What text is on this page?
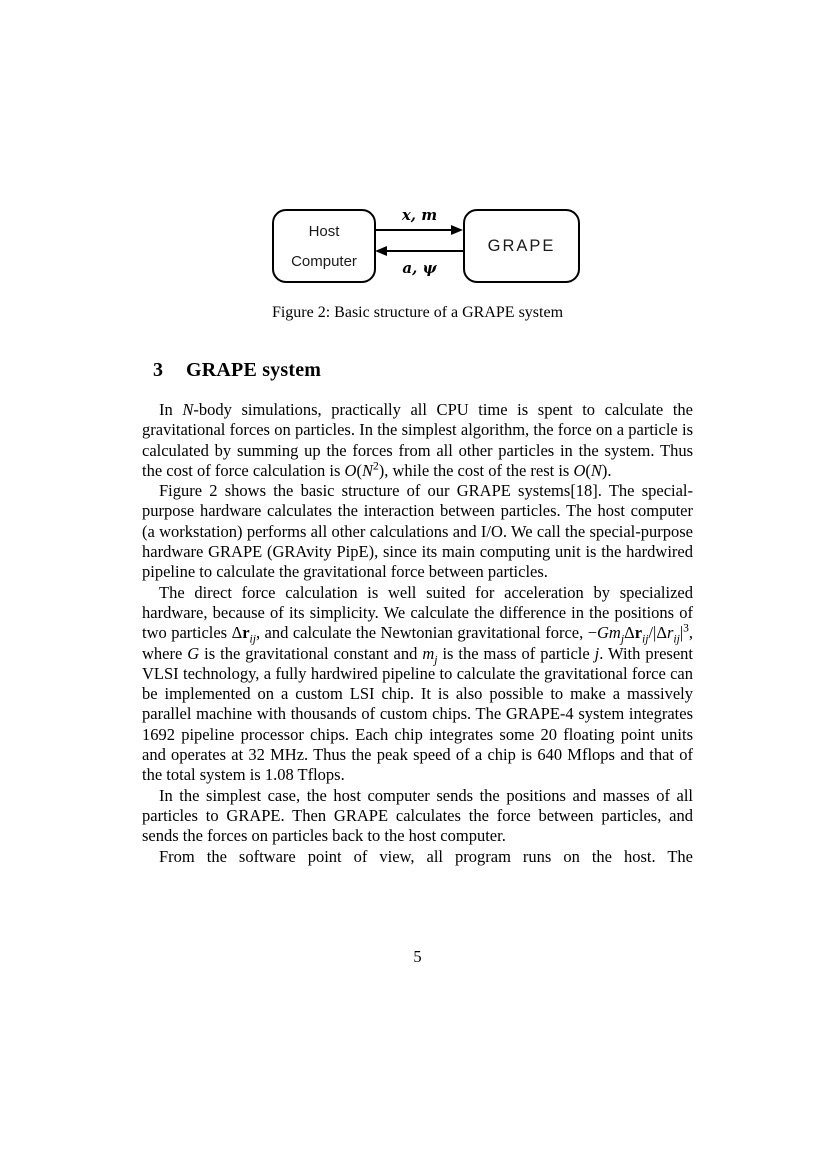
Host
Computer
GRAPE
x, m
a, ψ
Figure 2: Basic structure of a GRAPE system
3 GRAPE system

In N-body simulations, practically all CPU time is spent to calculate the gravitational forces on particles. In the simplest algorithm, the force on a particle is calculated by summing up the forces from all other particles in the system. Thus the cost of force calculation is $O(N^2)$, while the cost of the rest is O(N).

Figure 2 shows the basic structure of our GRAPE systems[18]. The special-purpose hardware calculates the interaction between particles. The host computer (a workstation) performs all other calculations and I/O. We call the special-purpose hardware GRAPE (GRAvity PipE), since its main computing unit is the hardwired pipeline to calculate the gravitational force between particles.

The direct force calculation is well suited for acceleration by specialized hardware, because of its simplicity. We calculate the difference in the positions of two particles $\Delta r_{ij}$, and calculate the Newtonian gravitational force, $-Gm_j\Delta r_{ij}/|\Delta r_{ij}|^3$, where G is the gravitational constant and $m_j$ is the mass of particle j. With present VLSI technology, a fully hardwired pipeline to calculate the gravitational force can be implemented on a custom LSI chip. It is also possible to make a massively parallel machine with thousands of custom chips. The GRAPE-4 system integrates 1692 pipeline processor chips. Each chip integrates some 20 floating point units and operates at 32 MHz. Thus the peak speed of a chip is 640 Mflops and that of the total system is 1.08 Tflops.

In the simplest case, the host computer sends the positions and masses of all particles to GRAPE. Then GRAPE calculates the force between particles, and sends the forces on particles back to the host computer.

From the software point of view, all program runs on the host. The

5
